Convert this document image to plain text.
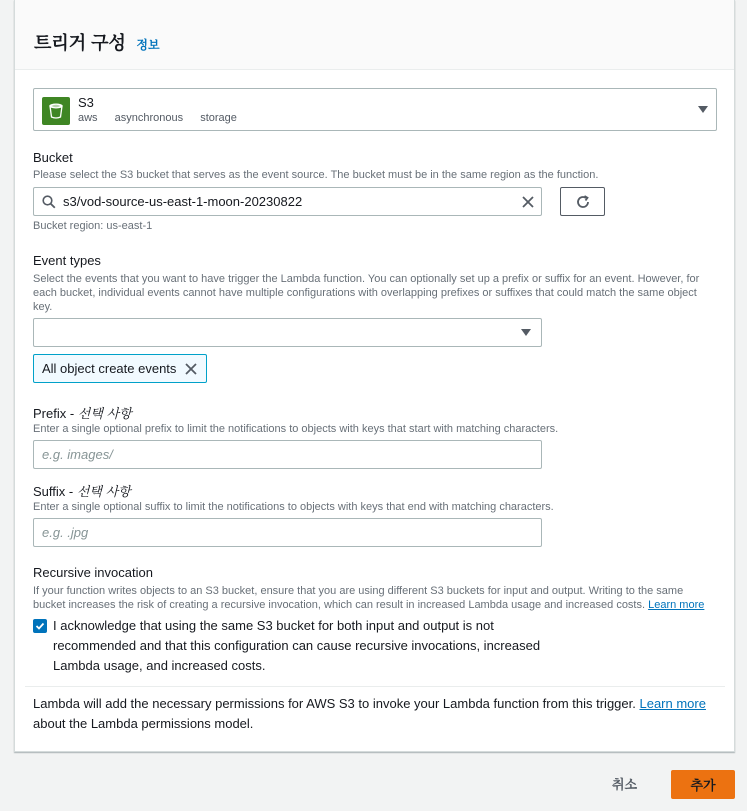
트리거 구성 정보
S3
aws asynchronous storage
Bucket
Please select the S3 bucket that serves as the event source. The bucket must be in the same region as the function.
s3/vod-source-us-east-1-moon-20230822
Bucket region: us-east-1
Event types
Select the events that you want to have trigger the Lambda function. You can optionally set up a prefix or suffix for an event. However, for each bucket, individual events cannot have multiple configurations with overlapping prefixes or suffixes that could match the same object key.
All object create events
Prefix - 선택 사항
Enter a single optional prefix to limit the notifications to objects with keys that start with matching characters.
e.g. images/
Suffix - 선택 사항
Enter a single optional suffix to limit the notifications to objects with keys that end with matching characters.
e.g. .jpg
Recursive invocation
If your function writes objects to an S3 bucket, ensure that you are using different S3 buckets for input and output. Writing to the same bucket increases the risk of creating a recursive invocation, which can result in increased Lambda usage and increased costs. Learn more
I acknowledge that using the same S3 bucket for both input and output is not recommended and that this configuration can cause recursive invocations, increased Lambda usage, and increased costs.
Lambda will add the necessary permissions for AWS S3 to invoke your Lambda function from this trigger. Learn more about the Lambda permissions model.
취소	추가
